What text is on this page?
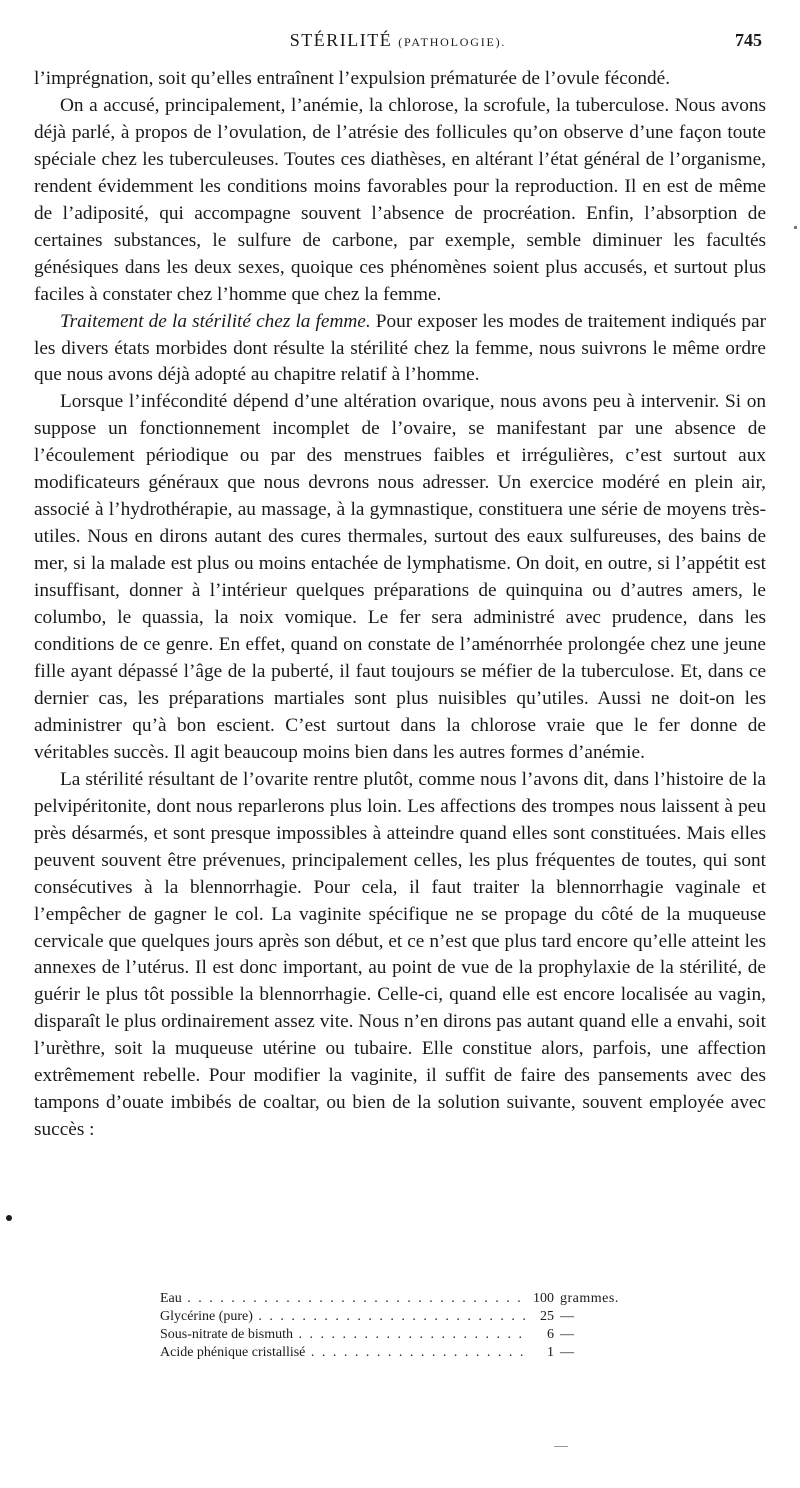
STÉRILITÉ (PATHOLOGIE).	745

l’imprégnation, soit qu’elles entraînent l’expulsion prématurée de l’ovule fécondé.

On a accusé, principalement, l’anémie, la chlorose, la scrofule, la tuberculose. Nous avons déjà parlé, à propos de l’ovulation, de l’atrésie des follicules qu’on observe d’une façon toute spéciale chez les tuberculeuses. Toutes ces diathèses, en altérant l’état général de l’organisme, rendent évidemment les conditions moins favorables pour la reproduction. Il en est de même de l’adiposité, qui accompagne souvent l’absence de procréation. Enfin, l’absorption de certaines substances, le sulfure de carbone, par exemple, semble diminuer les facultés génésiques dans les deux sexes, quoique ces phénomènes soient plus accusés, et surtout plus faciles à constater chez l’homme que chez la femme.

Traitement de la stérilité chez la femme. Pour exposer les modes de traitement indiqués par les divers états morbides dont résulte la stérilité chez la femme, nous suivrons le même ordre que nous avons déjà adopté au chapitre relatif à l’homme.

Lorsque l’infécondité dépend d’une altération ovarique, nous avons peu à intervenir. Si on suppose un fonctionnement incomplet de l’ovaire, se manifestant par une absence de l’écoulement périodique ou par des menstrues faibles et irrégulières, c’est surtout aux modificateurs généraux que nous devrons nous adresser. Un exercice modéré en plein air, associé à l’hydrothérapie, au massage, à la gymnastique, constituera une série de moyens très-utiles. Nous en dirons autant des cures thermales, surtout des eaux sulfureuses, des bains de mer, si la malade est plus ou moins entachée de lymphatisme. On doit, en outre, si l’appétit est insuffisant, donner à l’intérieur quelques préparations de quinquina ou d’autres amers, le columbo, le quassia, la noix vomique. Le fer sera administré avec prudence, dans les conditions de ce genre. En effet, quand on constate de l’aménorrhée prolongée chez une jeune fille ayant dépassé l’âge de la puberté, il faut toujours se méfier de la tuberculose. Et, dans ce dernier cas, les préparations martiales sont plus nuisibles qu’utiles. Aussi ne doit-on les administrer qu’à bon escient. C’est surtout dans la chlorose vraie que le fer donne de véritables succès. Il agit beaucoup moins bien dans les autres formes d’anémie.

La stérilité résultant de l’ovarite rentre plutôt, comme nous l’avons dit, dans l’histoire de la pelvipéritonite, dont nous reparlerons plus loin. Les affections des trompes nous laissent à peu près désarmés, et sont presque impossibles à atteindre quand elles sont constituées. Mais elles peuvent souvent être prévenues, principalement celles, les plus fréquentes de toutes, qui sont consécutives à la blennorrhagie. Pour cela, il faut traiter la blennorrhagie vaginale et l’empêcher de gagner le col. La vaginite spécifique ne se propage du côté de la muqueuse cervicale que quelques jours après son début, et ce n’est que plus tard encore qu’elle atteint les annexes de l’utérus. Il est donc important, au point de vue de la prophylaxie de la stérilité, de guérir le plus tôt possible la blennorrhagie. Celle-ci, quand elle est encore localisée au vagin, disparaît le plus ordinairement assez vite. Nous n’en dirons pas autant quand elle a envahi, soit l’urèthre, soit la muqueuse utérine ou tubaire. Elle constitue alors, parfois, une affection extrêmement rebelle. Pour modifier la vaginite, il suffit de faire des pansements avec des tampons d’ouate imbibés de coaltar, ou bien de la solution suivante, souvent employée avec succès :

Eau . . .	100 grammes.
Glycérine (pure) . . .	25 —
Sous-nitrate de bismuth . . .	6 —
Acide phénique cristallisé . . .	1 —
